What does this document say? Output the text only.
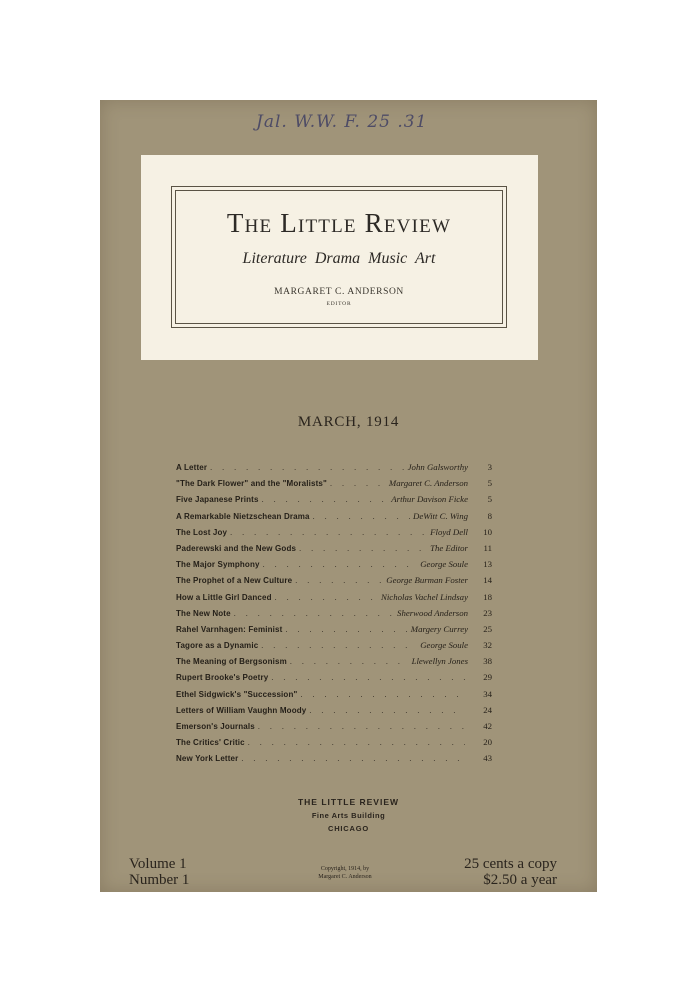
Jal. W.W. F. 25 .31
The Little Review
Literature Drama Music Art
MARGARET C. ANDERSON
EDITOR
MARCH, 1914
A Letter . . .	John Galsworthy	3
"The Dark Flower" and the "Moralists" . . .	Margaret C. Anderson	5
Five Japanese Prints . . .	Arthur Davison Ficke	5
A Remarkable Nietzschean Drama . . .	DeWitt C. Wing	8
The Lost Joy . . .	Floyd Dell	10
Paderewski and the New Gods . . .	The Editor	11
The Major Symphony . . .	George Soule	13
The Prophet of a New Culture . . .	George Burman Foster	14
How a Little Girl Danced . . .	Nicholas Vachel Lindsay	18
The New Note . . .	Sherwood Anderson	23
Rahel Varnhagen: Feminist . . .	Margery Currey	25
Tagore as a Dynamic . . .	George Soule	32
The Meaning of Bergsonism . . .	Llewellyn Jones	38
Rupert Brooke's Poetry . . .	29
Ethel Sidgwick's "Succession" . . .	34
Letters of William Vaughn Moody . . .	24
Emerson's Journals . . .	42
The Critics' Critic . . .	20
New York Letter . . .	43
THE LITTLE REVIEW
Fine Arts Building
CHICAGO
Volume 1
Number 1
Copyright, 1914, by
Margaret C. Anderson
25 cents a copy
$2.50 a year
